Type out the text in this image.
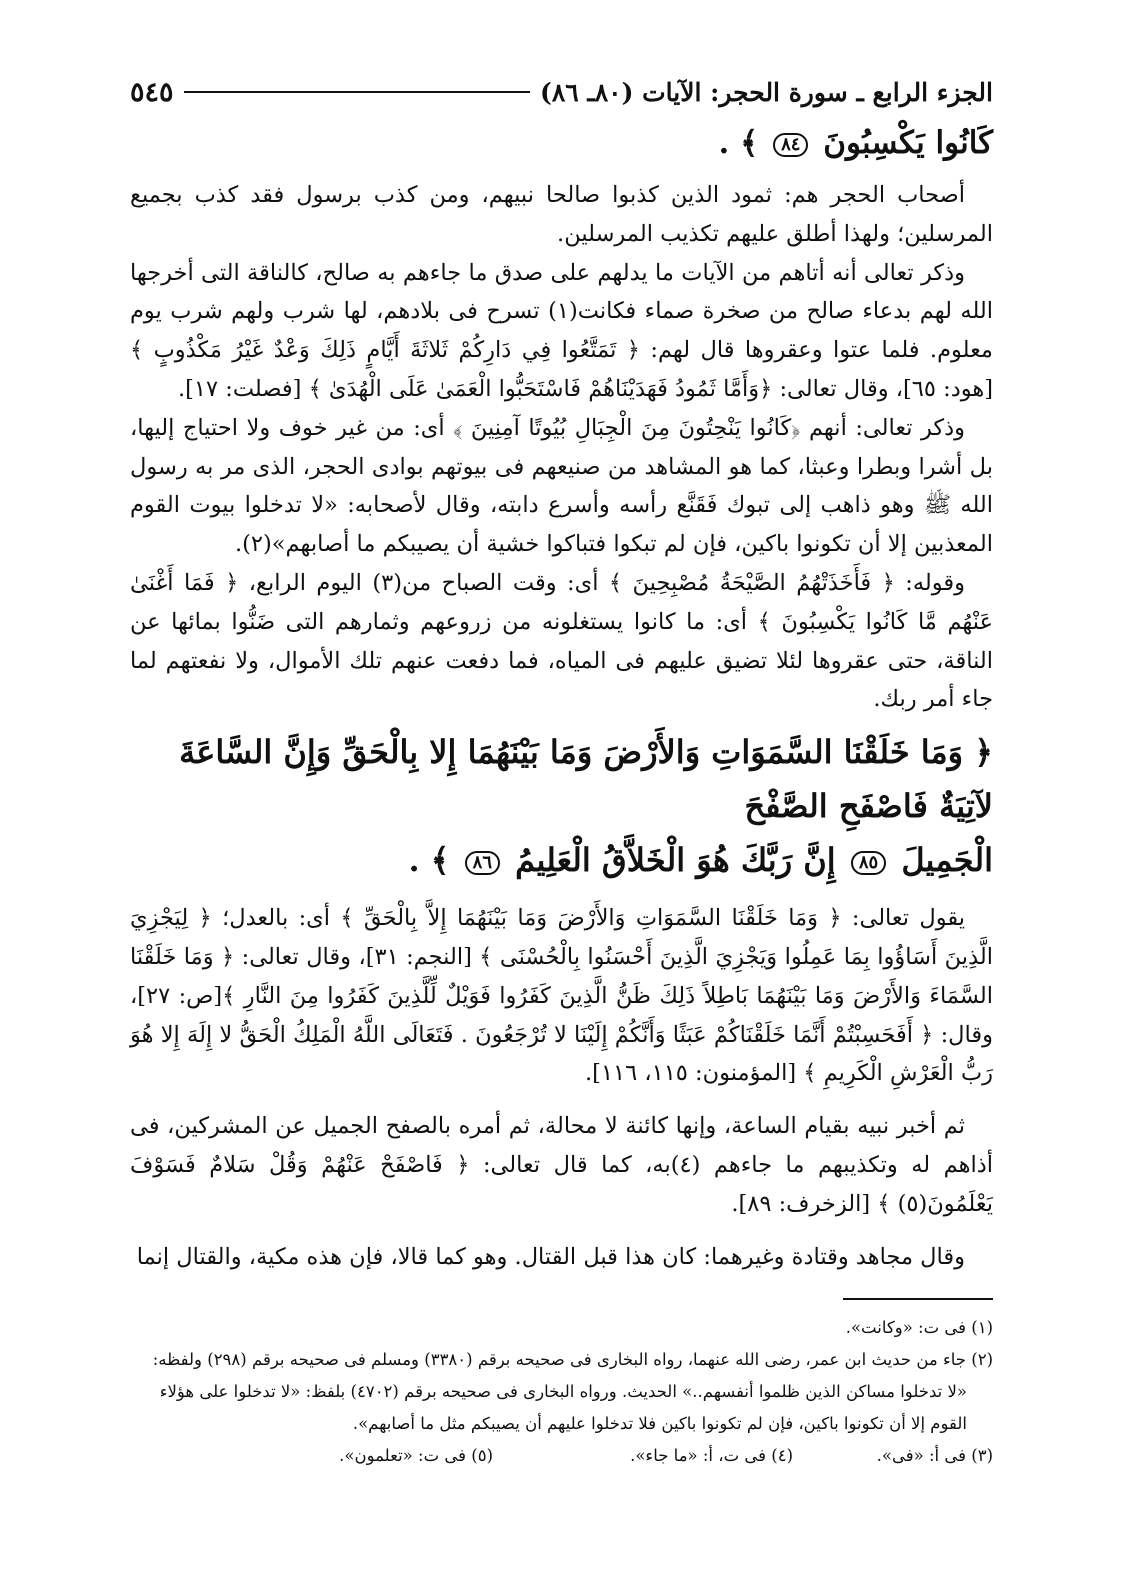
الجزء الرابع ـ سورة الحجر: الآيات (٨٠ـ ٨٦)
٥٤٥
كَانُوا يَكْسِبُونَ ٨٤ ﴾ .

أصحاب الحجر هم: ثمود الذين كذبوا صالحا نبيهم، ومن كذب برسول فقد كذب بجميع المرسلين؛ ولهذا أطلق عليهم تكذيب المرسلين.

وذكر تعالى أنه أتاهم من الآيات ما يدلهم على صدق ما جاءهم به صالح، كالناقة التى أخرجها الله لهم بدعاء صالح من صخرة صماء فكانت(١) تسرح فى بلادهم، لها شرب ولهم شرب يوم معلوم. فلما عتوا وعقروها قال لهم: ﴿ تَمَتَّعُوا فِي دَارِكُمْ ثَلاثَةَ أَيَّامٍ ذَلِكَ وَعْدٌ غَيْرُ مَكْذُوبٍ ﴾ [هود: ٦٥]، وقال تعالى: ﴿وَأَمَّا ثَمُودُ فَهَدَيْنَاهُمْ فَاسْتَحَبُّوا الْعَمَىٰ عَلَى الْهُدَىٰ ﴾ [فصلت: ١٧].

وذكر تعالى: أنهم ﴿كَانُوا يَنْحِتُونَ مِنَ الْجِبَالِ بُيُوتًا آمِنِينَ ﴾ أى: من غير خوف ولا احتياج إليها، بل أشرا وبطرا وعبثا، كما هو المشاهد من صنيعهم فى بيوتهم بوادى الحجر، الذى مر به رسول الله ﷺ وهو ذاهب إلى تبوك فَقَنَّع رأسه وأسرع دابته، وقال لأصحابه: «لا تدخلوا بيوت القوم المعذبين إلا أن تكونوا باكين، فإن لم تبكوا فتباكوا خشية أن يصيبكم ما أصابهم»(٢).

وقوله: ﴿ فَأَخَذَتْهُمُ الصَّيْحَةُ مُصْبِحِينَ ﴾ أى: وقت الصباح من(٣) اليوم الرابع، ﴿ فَمَا أَغْنَىٰ عَنْهُم مَّا كَانُوا يَكْسِبُونَ ﴾ أى: ما كانوا يستغلونه من زروعهم وثمارهم التى ضَنُّوا بمائها عن الناقة، حتى عقروها لئلا تضيق عليهم فى المياه، فما دفعت عنهم تلك الأموال، ولا نفعتهم لما جاء أمر ربك.

﴿ وَمَا خَلَقْنَا السَّمَوَاتِ وَالأَرْضَ وَمَا بَيْنَهُمَا إِلا بِالْحَقِّ وَإِنَّ السَّاعَةَ لآتِيَةٌ فَاصْفَحِ الصَّفْحَ
الْجَمِيلَ ٨٥ إِنَّ رَبَّكَ هُوَ الْخَلاَّقُ الْعَلِيمُ ٨٦ ﴾ .

يقول تعالى: ﴿ وَمَا خَلَقْنَا السَّمَوَاتِ وَالأَرْضَ وَمَا بَيْنَهُمَا إِلاَّ بِالْحَقِّ ﴾ أى: بالعدل؛ ﴿ لِيَجْزِيَ الَّذِينَ أَسَاؤُوا بِمَا عَمِلُوا وَيَجْزِيَ الَّذِينَ أَحْسَنُوا بِالْحُسْنَى ﴾ [النجم: ٣١]، وقال تعالى: ﴿ وَمَا خَلَقْنَا السَّمَاءَ وَالأَرْضَ وَمَا بَيْنَهُمَا بَاطِلاً ذَلِكَ ظَنُّ الَّذِينَ كَفَرُوا فَوَيْلٌ لِّلَّذِينَ كَفَرُوا مِنَ النَّارِ ﴾[ص: ٢٧]، وقال: ﴿ أَفَحَسِبْتُمْ أَنَّمَا خَلَقْنَاكُمْ عَبَثًا وَأَنَّكُمْ إِلَيْنَا لا تُرْجَعُونَ . فَتَعَالَى اللَّهُ الْمَلِكُ الْحَقُّ لا إِلَهَ إِلا هُوَ رَبُّ الْعَرْشِ الْكَرِيمِ ﴾ [المؤمنون: ١١٥، ١١٦].

ثم أخبر نبيه بقيام الساعة، وإنها كائنة لا محالة، ثم أمره بالصفح الجميل عن المشركين، فى أذاهم له وتكذيبهم ما جاءهم (٤)به، كما قال تعالى: ﴿ فَاصْفَحْ عَنْهُمْ وَقُلْ سَلامٌ فَسَوْفَ يَعْلَمُونَ(٥) ﴾ [الزخرف: ٨٩].

وقال مجاهد وقتادة وغيرهما: كان هذا قبل القتال. وهو كما قالا، فإن هذه مكية، والقتال إنما

(١) فى ت: «وكانت».

(٢) جاء من حديث ابن عمر، رضى الله عنهما، رواه البخارى فى صحيحه برقم (٣٣٨٠) ومسلم فى صحيحه برقم (٢٩٨) ولفظه:

«لا تدخلوا مساكن الذين ظلموا أنفسهم..» الحديث. ورواه البخارى فى صحيحه برقم (٤٧٠٢) بلفظ: «لا تدخلوا على هؤلاء

القوم إلا أن تكونوا باكين، فإن لم تكونوا باكين فلا تدخلوا عليهم أن يصيبكم مثل ما أصابهم».

(٣) فى أ: «فى».
(٤) فى ت، أ: «ما جاء».
(٥) فى ت: «تعلمون».
